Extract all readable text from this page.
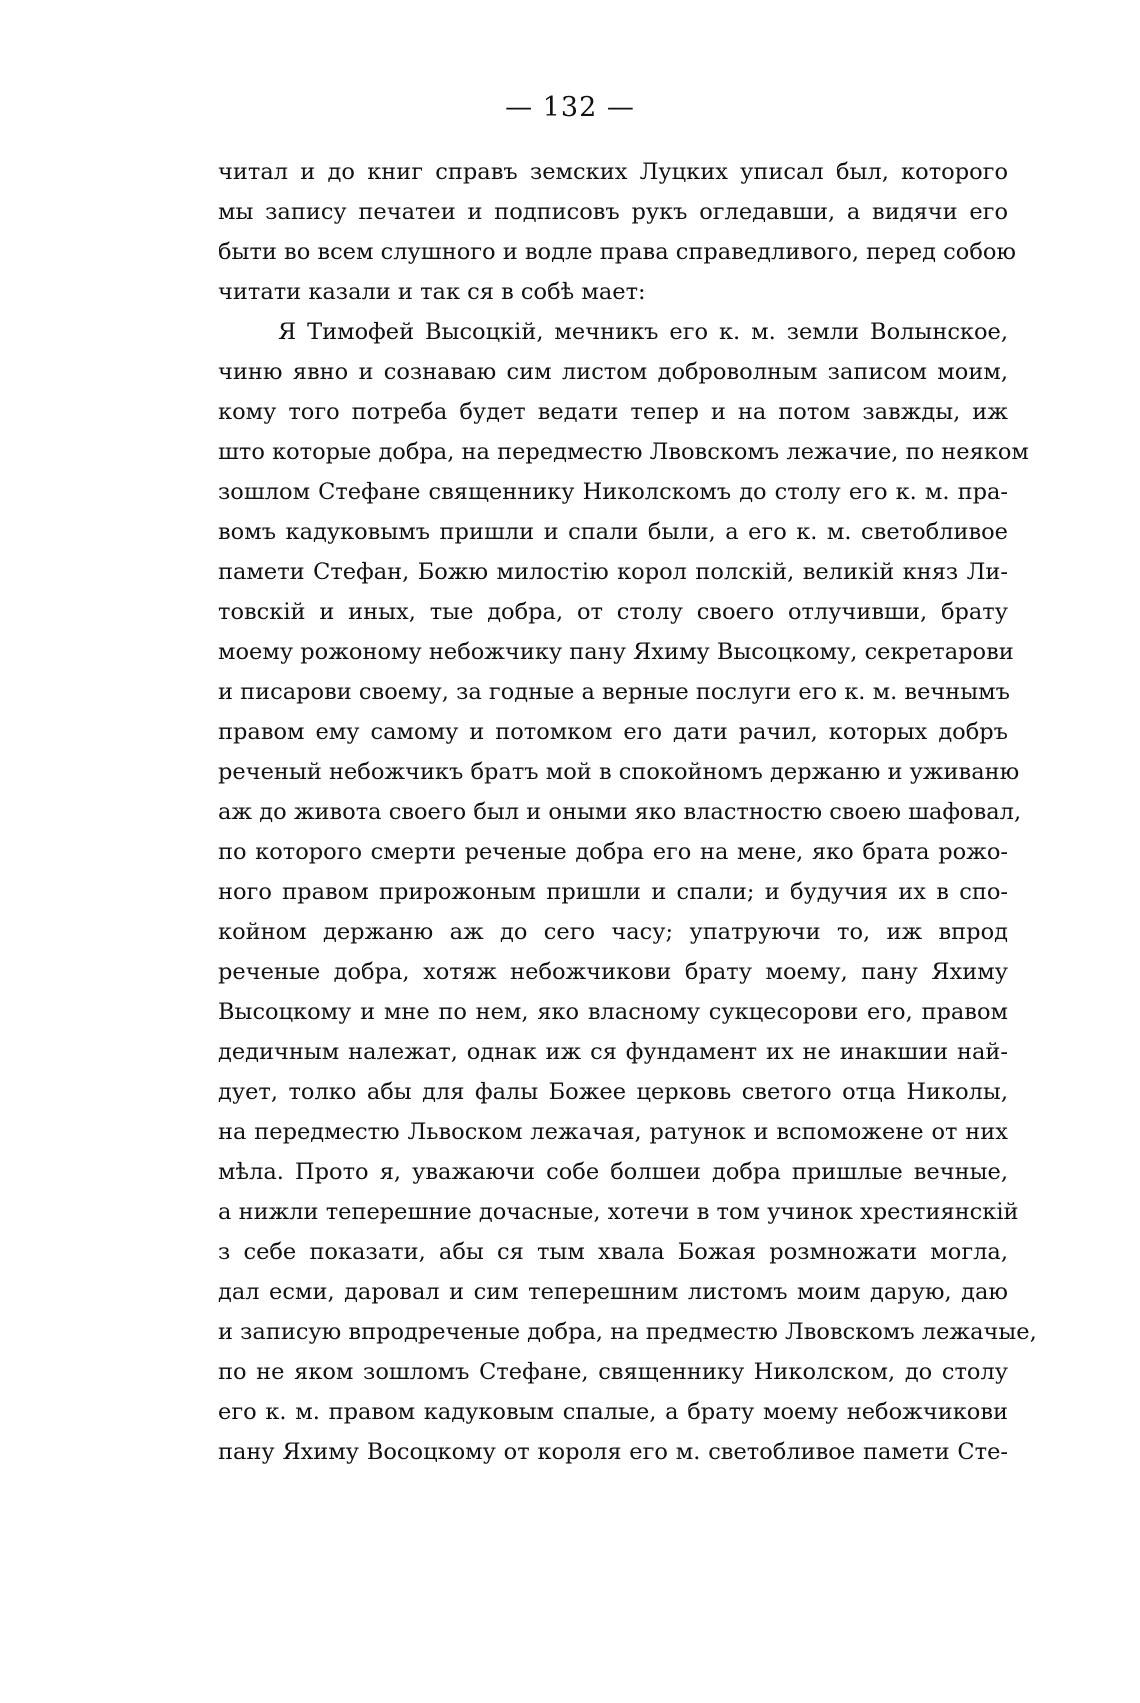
— 132 —
читал и до книг справъ земских Луцких уписал был, которого
мы запису печатеи и подписовъ рукъ огледавши, а видячи его
быти во всем слушного и водле права справедливого, перед собою
читати казали и так ся в собѣ мает:
Я Тимофей Высоцкій, мечникъ его к. м. земли Волынское,
чиню явно и сознаваю сим листом доброволным записом моим,
кому того потреба будет ведати тепер и на потом завжды, иж
што которые добра, на передместю Лвовскомъ лежачие, по неяком
зошлом Стефане священнику Николскомъ до столу его к. м. пра-
вомъ кадуковымъ пришли и спали были, а его к. м. светобливое
памети Стефан, Божю милостію корол полскій, великій княз Ли-
товскій и иных, тые добра, от столу своего отлучивши, брату
моему рожоному небожчику пану Яхиму Высоцкому, секретарови
и писарови своему, за годные а верные послуги его к. м. вечнымъ
правом ему самому и потомком его дати рачил, которых добръ
реченый небожчикъ братъ мой в спокойномъ держаню и уживаню
аж до живота своего был и оными яко властностю своею шафовал,
по которого смерти реченые добра его на мене, яко брата рожо-
ного правом прирожоным пришли и спали; и будучия их в спо-
койном держаню аж до сего часу; упатруючи то, иж впрод
реченые добра, хотяж небожчикови брату моему, пану Яхиму
Высоцкому и мне по нем, яко власному сукцесорови его, правом
дедичным належат, однак иж ся фундамент их не инакшии най-
дует, толко абы для фалы Божее церковь светого отца Николы,
на передместю Львоском лежачая, ратунок и вспоможене от них
мѣла. Прото я, уважаючи собе болшеи добра пришлые вечные,
а нижли теперешние дочасные, хотечи в том учинок хрестиянскій
з себе показати, абы ся тым хвала Божая розмножати могла,
дал есми, даровал и сим теперешним листомъ моим дарую, даю
и записую впродреченые добра, на предместю Лвовскомъ лежачые,
по не яком зошломъ Стефане, священнику Николском, до столу
его к. м. правом кадуковым спалые, а брату моему небожчикови
пану Яхиму Восоцкому от короля его м. светобливое памети Сте-
